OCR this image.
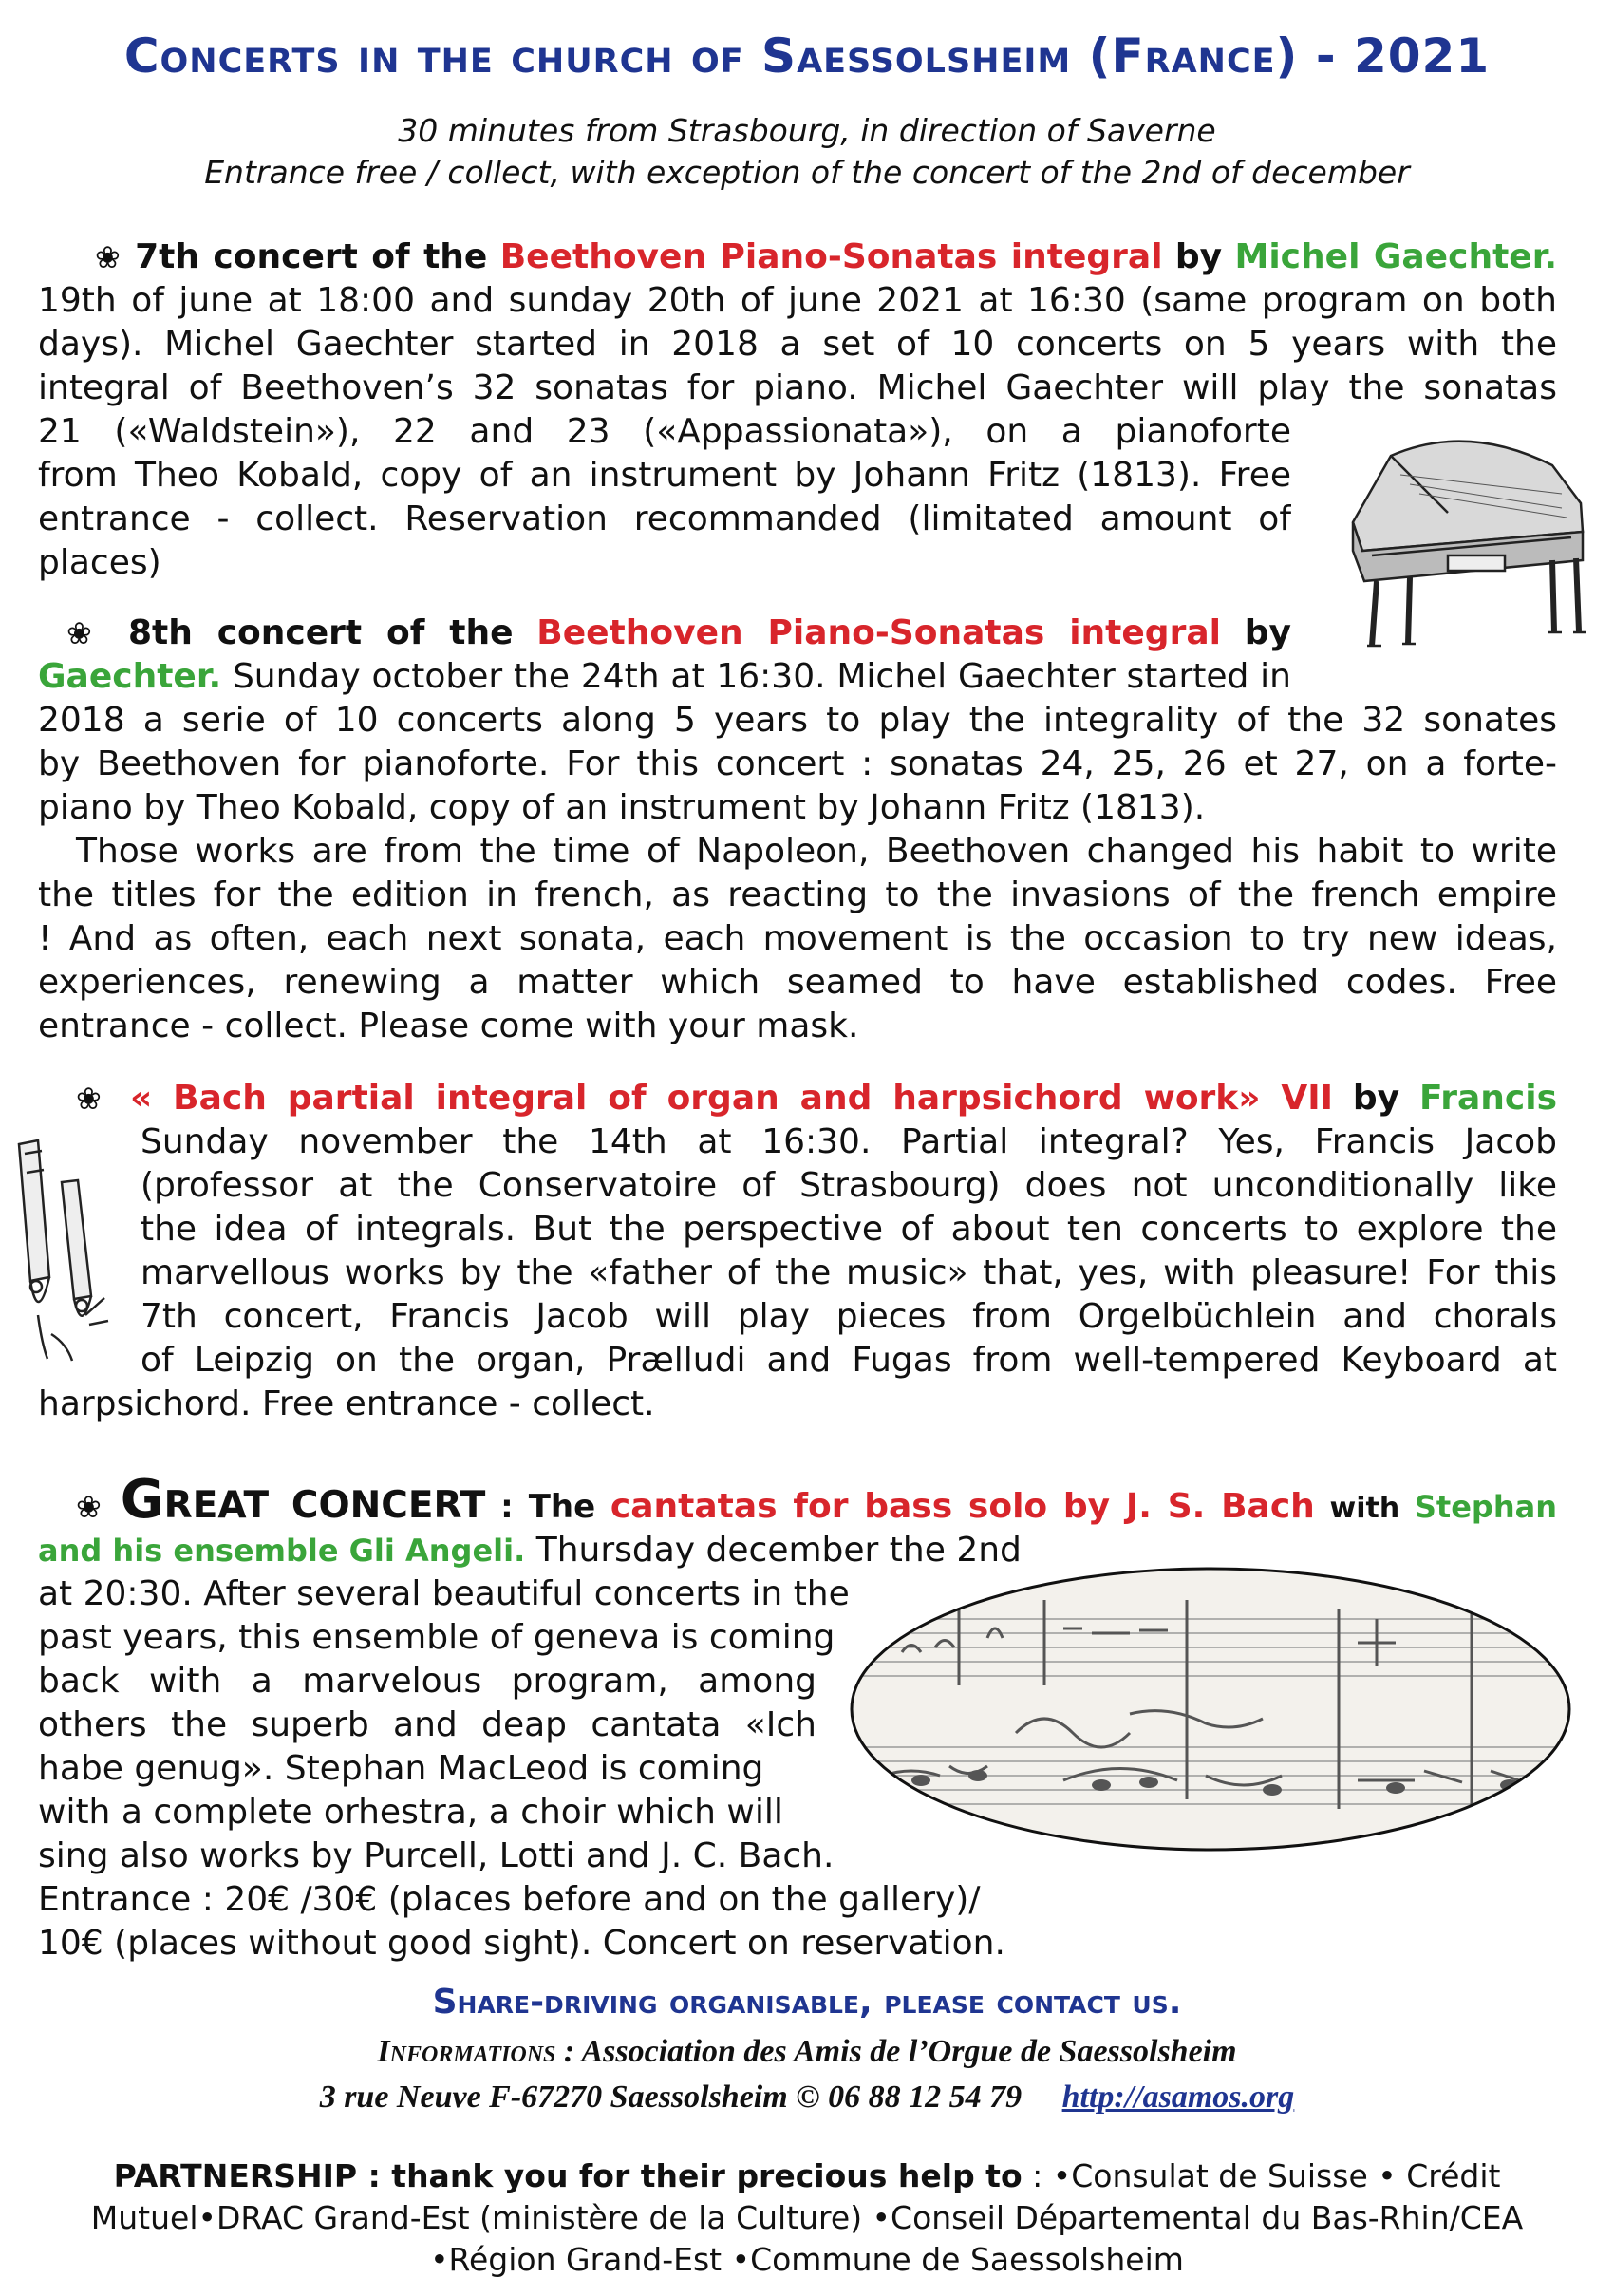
Concerts in the church of Saessolsheim (France) - 2021
30 minutes from Strasbourg, in direction of Saverne
Entrance free / collect, with exception of the concert of the 2nd of december
❀ 7th concert of the Beethoven Piano-Sonatas integral by Michel Gaechter.
19th of june at 18:00 and sunday 20th of june 2021 at 16:30 (same program on both
days). Michel Gaechter started in 2018 a set of 10 concerts on 5 years with the
integral of Beethoven’s 32 sonatas for piano. Michel Gaechter will play the sonatas
21 («Waldstein»), 22 and 23 («Appassionata»), on a pianoforte
from Theo Kobald, copy of an instrument by Johann Fritz (1813). Free
entrance - collect. Reservation recommanded (limitated amount of
places)
❀ 8th concert of the Beethoven Piano-Sonatas integral by
Gaechter. Sunday october the 24th at 16:30. Michel Gaechter started in
2018 a serie of 10 concerts along 5 years to play the integrality of the 32 sonates
by Beethoven for pianoforte. For this concert : sonatas 24, 25, 26 et 27, on a forte-
piano by Theo Kobald, copy of an instrument by Johann Fritz (1813).
Those works are from the time of Napoleon, Beethoven changed his habit to write
the titles for the edition in french, as reacting to the invasions of the french empire
! And as often, each next sonata, each movement is the occasion to try new ideas,
experiences, renewing a matter which seamed to have established codes. Free
entrance - collect. Please come with your mask.
❀ « Bach partial integral of organ and harpsichord work» VII by Francis
Sunday november the 14th at 16:30. Partial integral? Yes, Francis Jacob
(professor at the Conservatoire of Strasbourg) does not unconditionally like
the idea of integrals. But the perspective of about ten concerts to explore the
marvellous works by the «father of the music» that, yes, with pleasure! For this
7th concert, Francis Jacob will play pieces from Orgelbüchlein and chorals
of Leipzig on the organ, Prælludi and Fugas from well-tempered Keyboard at
harpsichord. Free entrance - collect.
❀ Great concert : The cantatas for bass solo by J. S. Bach with Stephan
and his ensemble Gli Angeli. Thursday december the 2nd
at 20:30. After several beautiful concerts in the
past years, this ensemble of geneva is coming
back with a marvelous program, among
others the superb and deap cantata «Ich
habe genug». Stephan MacLeod is coming
with a complete orhestra, a choir which will
sing also works by Purcell, Lotti and J. C. Bach.
Entrance : 20€ /30€ (places before and on the gallery)/
10€ (places without good sight). Concert on reservation.
Share-driving organisable, please contact us.
Informations : Association des Amis de l’Orgue de Saessolsheim
3 rue Neuve F-67270 Saessolsheim © 06 88 12 54 79 http://asamos.org
PARTNERSHIP : thank you for their precious help to : •Consulat de Suisse • Crédit
Mutuel•DRAC Grand-Est (ministère de la Culture) •Conseil Départemental du Bas-Rhin/CEA
•Région Grand-Est •Commune de Saessolsheim
